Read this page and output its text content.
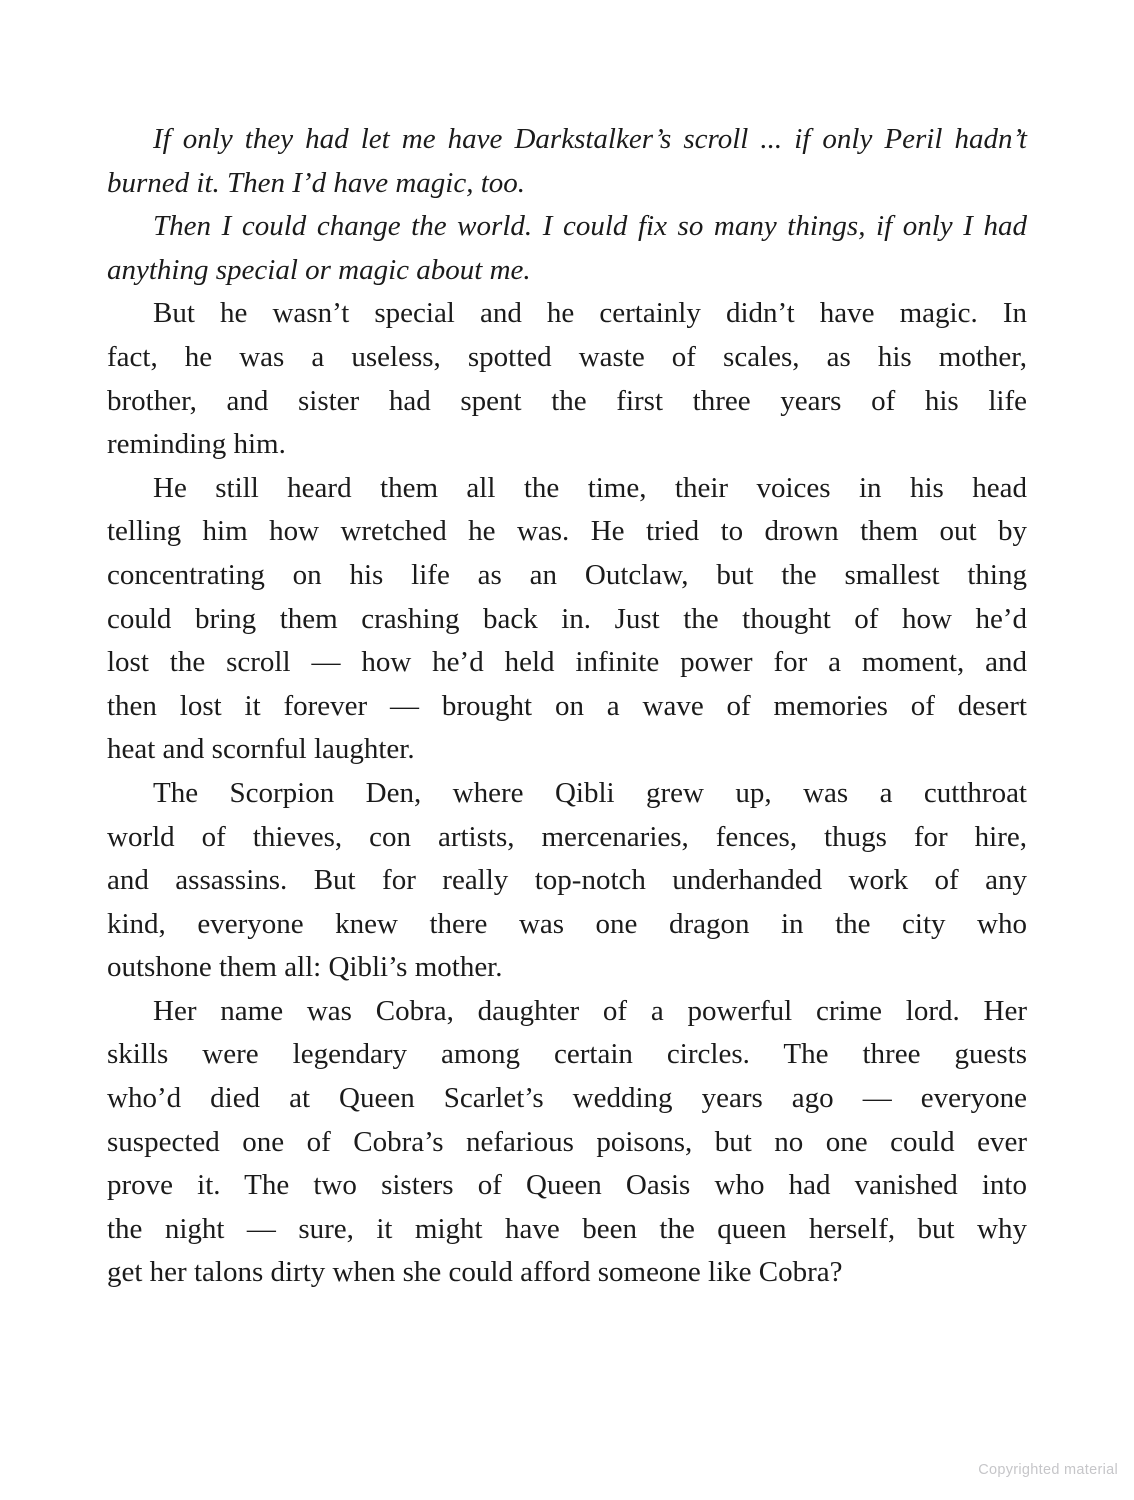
If only they had let me have Darkstalker’s scroll ... if only Peril hadn’t
burned it. Then I’d have magic, too.
Then I could change the world. I could fix so many things, if only I had
anything special or magic about me.
But he wasn’t special and he certainly didn’t have magic. In
fact, he was a useless, spotted waste of scales, as his mother,
brother, and sister had spent the first three years of his life
reminding him.
He still heard them all the time, their voices in his head
telling him how wretched he was. He tried to drown them out by
concentrating on his life as an Outclaw, but the smallest thing
could bring them crashing back in. Just the thought of how he’d
lost the scroll — how he’d held infinite power for a moment, and
then lost it forever — brought on a wave of memories of desert
heat and scornful laughter.
The Scorpion Den, where Qibli grew up, was a cutthroat
world of thieves, con artists, mercenaries, fences, thugs for hire,
and assassins. But for really top-notch underhanded work of any
kind, everyone knew there was one dragon in the city who
outshone them all: Qibli’s mother.
Her name was Cobra, daughter of a powerful crime lord. Her
skills were legendary among certain circles. The three guests
who’d died at Queen Scarlet’s wedding years ago — everyone
suspected one of Cobra’s nefarious poisons, but no one could ever
prove it. The two sisters of Queen Oasis who had vanished into
the night — sure, it might have been the queen herself, but why
get her talons dirty when she could afford someone like Cobra?
Copyrighted material
